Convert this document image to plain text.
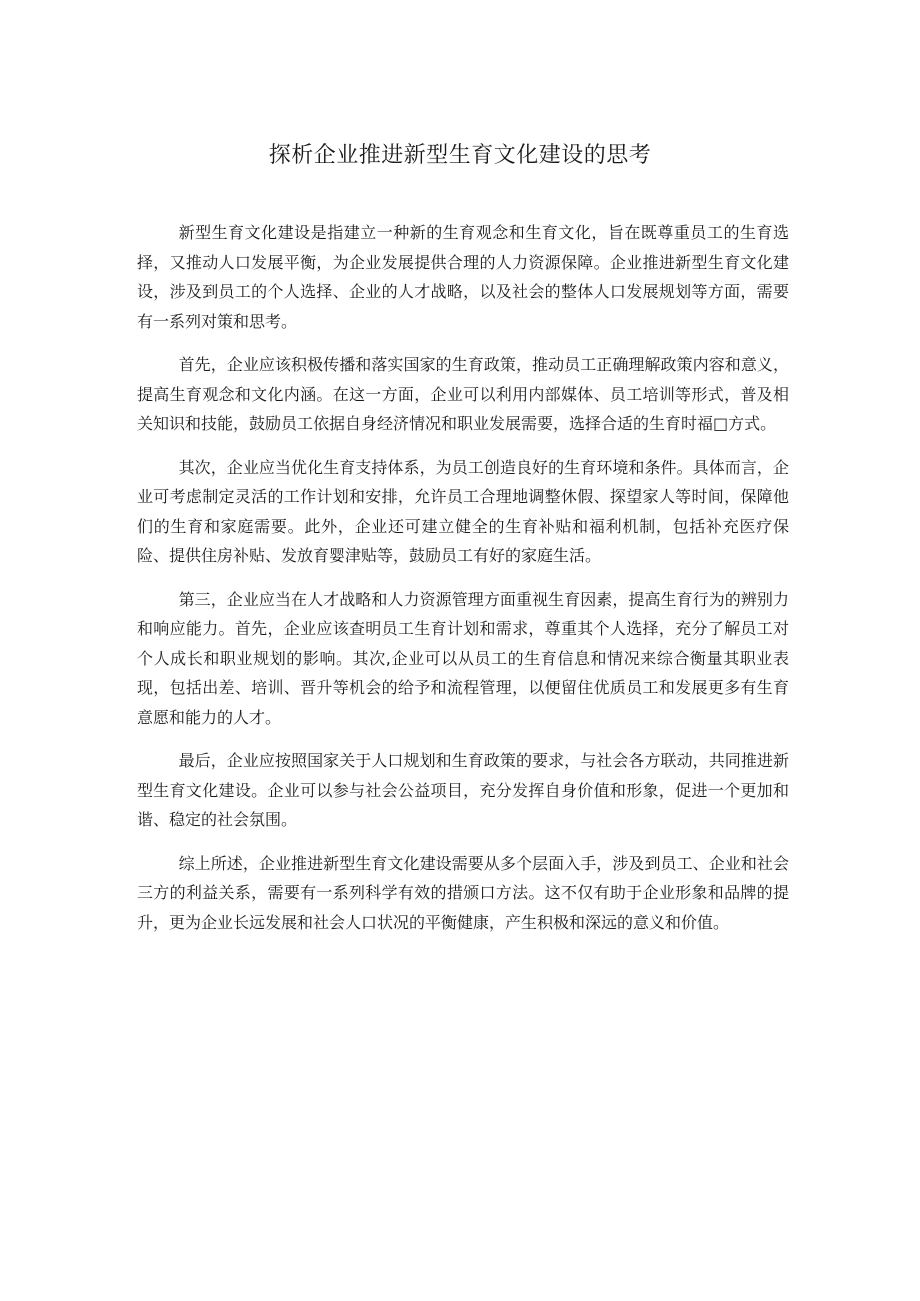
探析企业推进新型生育文化建设的思考

新型生育文化建设是指建立一种新的生育观念和生育文化，旨在既尊重员工的生育选择，又推动人口发展平衡，为企业发展提供合理的人力资源保障。企业推进新型生育文化建设，涉及到员工的个人选择、企业的人才战略，以及社会的整体人口发展规划等方面，需要有一系列对策和思考。

首先，企业应该积极传播和落实国家的生育政策，推动员工正确理解政策内容和意义，提高生育观念和文化内涵。在这一方面，企业可以利用内部媒体、员工培训等形式，普及相关知识和技能，鼓励员工依据自身经济情况和职业发展需要，选择合适的生育时福□方式。

其次，企业应当优化生育支持体系，为员工创造良好的生育环境和条件。具体而言，企业可考虑制定灵活的工作计划和安排，允许员工合理地调整休假、探望家人等时间，保障他们的生育和家庭需要。此外，企业还可建立健全的生育补贴和福利机制，包括补充医疗保险、提供住房补贴、发放育婴津贴等，鼓励员工有好的家庭生活。

第三，企业应当在人才战略和人力资源管理方面重视生育因素，提高生育行为的辨别力和响应能力。首先，企业应该查明员工生育计划和需求，尊重其个人选择，充分了解员工对个人成长和职业规划的影响。其次,企业可以从员工的生育信息和情况来综合衡量其职业表现，包括出差、培训、晋升等机会的给予和流程管理，以便留住优质员工和发展更多有生育意愿和能力的人才。

最后，企业应按照国家关于人口规划和生育政策的要求，与社会各方联动，共同推进新型生育文化建设。企业可以参与社会公益项目，充分发挥自身价值和形象，促进一个更加和谐、稳定的社会氛围。

综上所述，企业推进新型生育文化建设需要从多个层面入手，涉及到员工、企业和社会三方的利益关系，需要有一系列科学有效的措颁口方法。这不仅有助于企业形象和品牌的提升，更为企业长远发展和社会人口状况的平衡健康，产生积极和深远的意义和价值。
